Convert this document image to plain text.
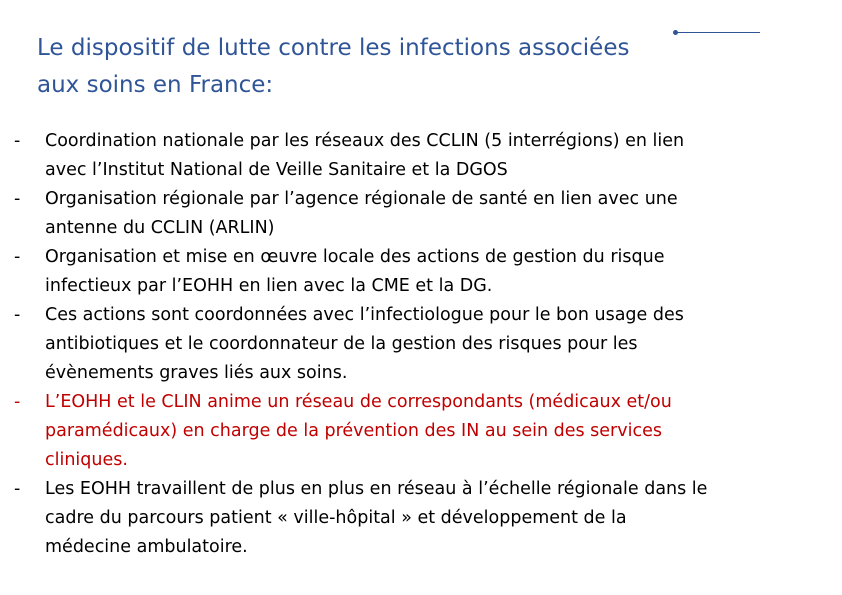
Le dispositif de lutte contre les infections associées
aux soins en France:
- Coordination nationale par les réseaux des CCLIN (5 interrégions) en lien
avec l’Institut National de Veille Sanitaire et la DGOS
- Organisation régionale par l’agence régionale de santé en lien avec une
antenne du CCLIN (ARLIN)
- Organisation et mise en œuvre locale des actions de gestion du risque
infectieux par l’EOHH en lien avec la CME et la DG.
- Ces actions sont coordonnées avec l’infectiologue pour le bon usage des
antibiotiques et le coordonnateur de la gestion des risques pour les
évènements graves liés aux soins.
- L’EOHH et le CLIN anime un réseau de correspondants (médicaux et/ou
paramédicaux) en charge de la prévention des IN au sein des services
cliniques.
- Les EOHH travaillent de plus en plus en réseau à l’échelle régionale dans le
cadre du parcours patient « ville-hôpital » et développement de la
médecine ambulatoire.
